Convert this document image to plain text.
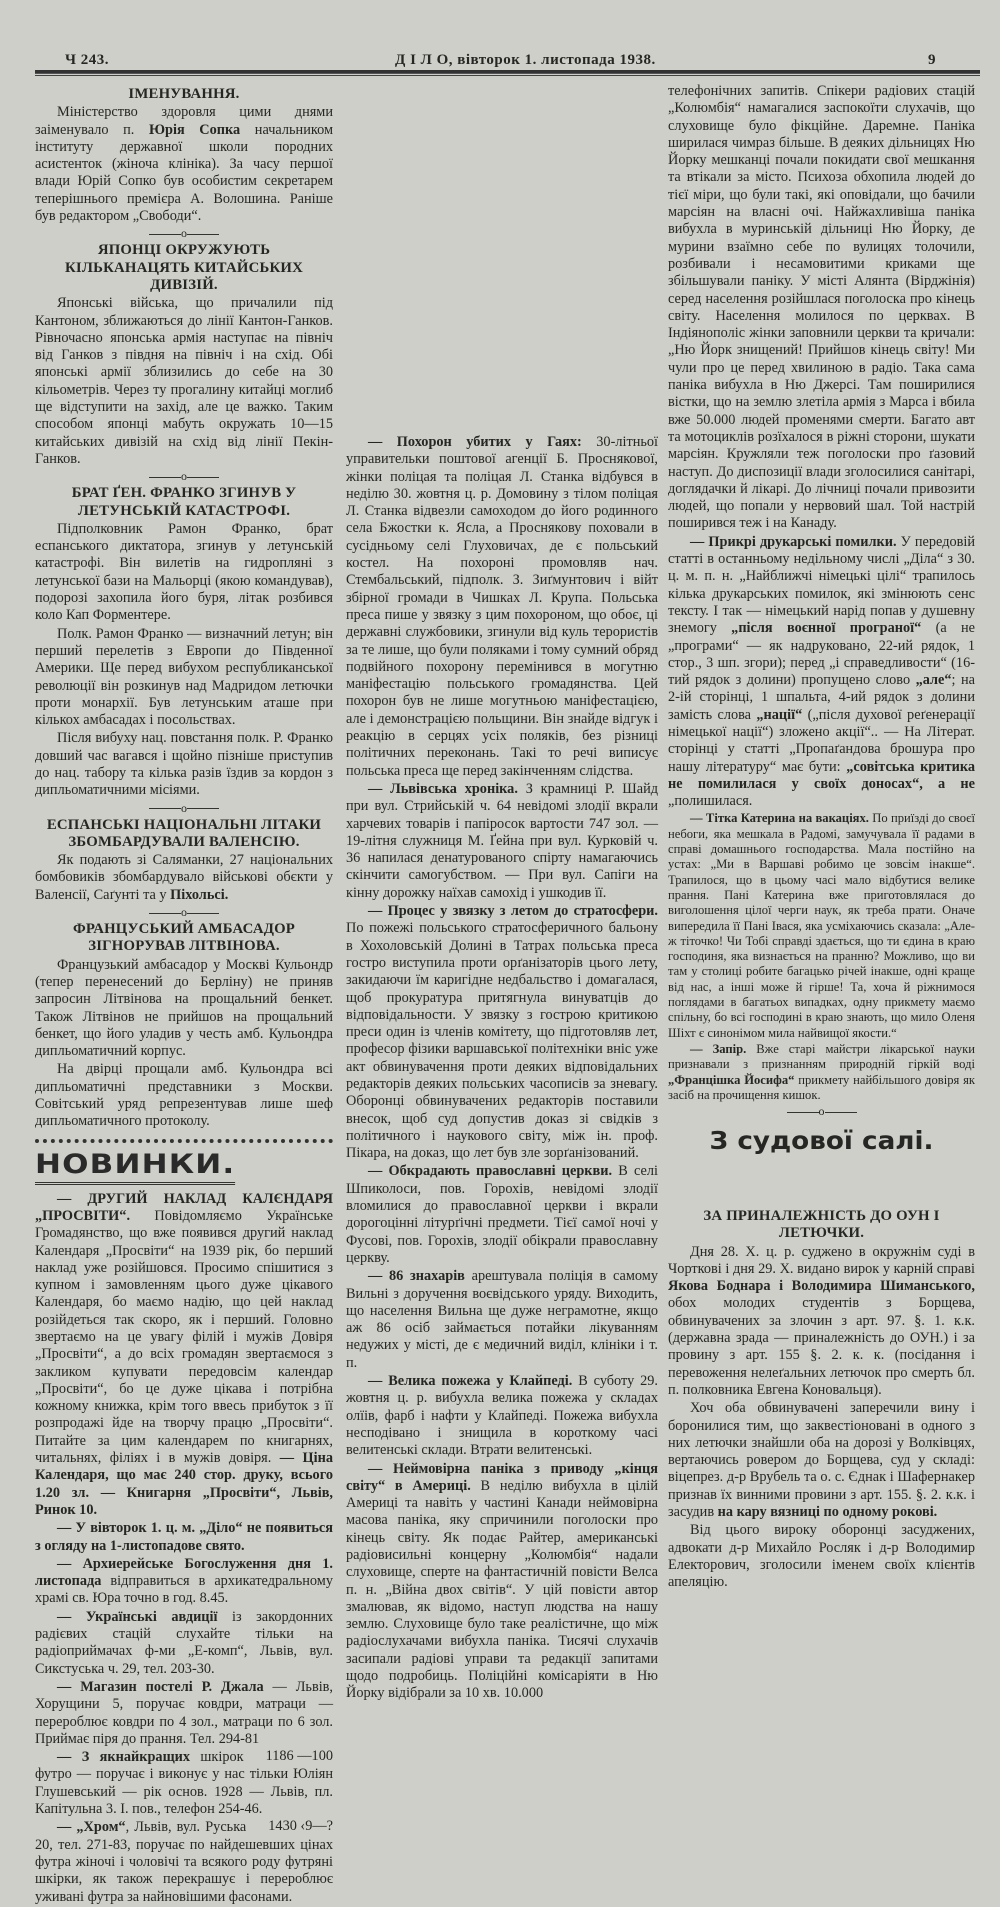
Ч 243.	Д І Л О, вівторок 1. листопада 1938.	9
ІМЕНУВАННЯ.

Міністерство здоровля цими днями заіменувало п. Юрія Сопка начальником інституту державної школи породних асистенток (жіноча клініка). За часу першої влади Юрій Сопко був особистим секретарем теперішнього премієра А. Волошина. Раніше був редактором „Свободи“.

o
ЯПОНЦІ ОКРУЖУЮТЬ КІЛЬКАНАЦЯТЬ КИТАЙСЬКИХ ДИВІЗІЙ.

Японські війська, що причалили під Кантоном, зближаються до лінії Кантон-Ганков. Рівночасно японська армія наступає на північ від Ганков з півдня на північ і на схід. Обі японські армії зблизились до себе на 30 кільометрів. Через ту прогалину китайці моглиб ще відступити на захід, але це важко. Таким способом японці мабуть окружать 10—15 китайських дивізій на схід від лінії Пекін-Ганков.

o
БРАТ ҐЕН. ФРАНКО ЗГИНУВ У ЛЕТУНСЬКІЙ КАТАСТРОФІ.

Підполковник Рамон Франко, брат еспанського диктатора, згинув у летунській катастрофі. Він вилетів на гидропляні з летунської бази на Мальорці (якою командував), подорозі захопила його буря, літак розбився коло Кап Форментере.

Полк. Рамон Франко — визначний летун; він перший перелетів з Европи до Південної Америки. Ще перед вибухом республиканської революції він розкинув над Мадридом летючки проти монархії. Був летунським аташе при кількох амбасадах і посольствах.

Після вибуху нац. повстання полк. Р. Франко довший час вагався і щойно пізніше приступив до нац. табору та кілька разів їздив за кордон з дипльоматичними місіями.

o
ЕСПАНСЬКІ НАЦІОНАЛЬНІ ЛІТАКИ ЗБОМБАРДУВАЛИ ВАЛЕНСІЮ.

Як подають зі Саляманки, 27 національних бомбовиків збомбардувало військові обєкти у Валенсії, Саґунті та у Піхольсі.

o
ФРАНЦУСЬКИЙ АМБАСАДОР ЗІГНОРУВАВ ЛІТВІНОВА.

Французький амбасадор у Москві Кульондр (тепер перенесений до Берліну) не приняв запросин Літвінова на прощальний бенкет. Також Літвінов не прийшов на прощальний бенкет, що його уладив у честь амб. Кульондра дипльоматичний корпус.

На двірці прощали амб. Кульондра всі дипльоматичні представники з Москви. Совітський уряд репрезентував лише шеф дипльоматичного протоколу.

НОВИНКИ.

— ДРУГИЙ НАКЛАД КАЛЄНДАРЯ „ПРОСВІТИ“. Повідомляємо Українське Громадянство, що вже появився другий наклад Календаря „Просвіти“ на 1939 рік, бо перший наклад уже розійшовся. Просимо спішитися з купном і замовленням цього дуже цікавого Календаря, бо маємо надію, що цей наклад розійдеться так скоро, як і перший. Головно звертаємо на це увагу філій і мужів Довіря „Просвіти“, а до всіх громадян звертаємося з закликом купувати передовсім календар „Просвіти“, бо це дуже цікава і потрібна кожному книжка, крім того ввесь прибуток з її розпродажі йде на творчу працю „Просвіти“. Питайте за цим календарем по книгарнях, читальнях, філіях і в мужів довіря. — Ціна Календаря, що має 240 стор. друку, всього 1.20 зл. — Книгарня „Просвіти“, Львів, Ринок 10.

— У вівторок 1. ц. м. „Діло“ не появиться з огляду на 1-листопадове свято.

— Архиерейське Богослуження дня 1. листопада відправиться в архикатедральному храмі св. Юра точно в год. 8.45.

— Українські авдиції із закордонних радієвих стацій слухайте тільки на радіоприймачах ф-ми „Е-комп“, Львів, вул. Сикстуська ч. 29, тел. 203-30.

— Магазин постелі Р. Джала — Львів, Хорущини 5, поручає ковдри, матраци — перероблює ковдри по 4 зол., матраци по 6 зол. Приймає піря до прання. Тел. 294-81
1186 —100

— З якнайкращих шкірок футро — поручає і виконує у нас тільки Юліян Глушевський — рік основ. 1928 — Львів, пл. Капітульна 3. І. пов., телефон 254-46.
1430 ‹9—?

— „Хром“, Львів, вул. Руська 20, тел. 271-83, поручає по найдешевших цінах футра жіночі і чоловічі та всякого роду футряні шкірки, як також перекрашує і перероблює уживані футра за найновішими фасонами.

— Похорон убитих у Гаях: 30-літньої управительки поштової агенції Б. Проснякової, жінки поліцая та поліцая Л. Станка відбувся в неділю 30. жовтня ц. р. Домовину з тілом поліцая Л. Станка відвезли самоходом до його родинного села Бжостки к. Ясла, а Проснякову поховали в сусідньому селі Глуховичах, де є польський костел. На похороні промовляв нач. Стембальський, підполк. З. Зиґмунтович і війт збірної громади в Чишках Л. Крупа. Польська преса пише у звязку з цим похороном, що обоє, ці державні службовики, згинули від куль терористів за те лише, що були поляками і тому сумний обряд подвійного похорону перемінився в могутню маніфестацію польського громадянства. Цей похорон був не лише могутньою маніфестацією, але і демонстрацією польщини. Він знайде відгук і реакцію в серцях усіх поляків, без різниці політичних переконань. Такі то речі виписує польська преса ще перед закінченням слідства.

— Львівська хроніка. З крамниці Р. Шайд при вул. Стрийській ч. 64 невідомі злодії вкрали харчевих товарів і папіросок вартости 747 зол. — 19-літня служниця М. Ґейна при вул. Курковій ч. 36 напилася денатурованого спірту намагаючись скінчити самогубством. — При вул. Сапіги на кінну дорожку наїхав самохід і ушкодив її.

— Процес у звязку з летом до стратосфери. По пожежі польського стратосферичного бальону в Хохоловській Долині в Татрах польська преса гостро виступила проти орґанізаторів цього лету, закидаючи їм каригідне недбальство і домагалася, щоб прокуратура притягнула винуватців до відповідальности. У звязку з гострою критикою преси один із членів комітету, що підготовляв лет, професор фізики варшавської політехніки вніс уже акт обвинувачення проти деяких відповідальних редакторів деяких польських часописів за зневагу. Оборонці обвинувачених редакторів поставили внесок, щоб суд допустив доказ зі свідків з політичного і наукового світу, між ін. проф. Пікара, на доказ, що лет був зле зорґанізований.

— Обкрадають православні церкви. В селі Шпиколоси, пов. Горохів, невідомі злодії вломилися до православної церкви і вкрали дорогоцінні літурґічні предмети. Тієї самої ночі у Фусові, пов. Горохів, злодії обікрали православну церкву.

— 86 знахарів арештувала поліція в самому Вильні з доручення воєвідського уряду. Виходить, що населення Вильна ще дуже неграмотне, якщо аж 86 осіб займається потайки лікуванням недужих у місті, де є медичний виділ, клініки і т. п.

— Велика пожежа у Клайпеді. В суботу 29. жовтня ц. р. вибухла велика пожежа у складах олїів, фарб і нафти у Клайпеді. Пожежа вибухла несподівано і знищила в короткому часі велитенські склади. Втрати велитенські.

— Неймовірна паніка з приводу „кінця світу“ в Америці. В неділю вибухла в цілій Америці та навіть у частині Канади неймовірна масова паніка, яку спричинили поголоски про кінець світу. Як подає Райтер, американські радіовисильні концерну „Колюмбія“ надали слуховище, сперте на фантастичній повісти Велса п. н. „Війна двох світів“. У цій повісти автор змалював, як відомо, наступ людства на нашу землю. Слуховище було таке реалістичне, що між радіослухачами вибухла паніка. Тисячі слухачів засипали радіові управи та редакції запитами щодо подробиць. Поліційні комісаріяти в Ню Йорку відібрали за 10 хв. 10.000

телефонічних запитів. Спікери радіових стацій „Колюмбія“ намагалися заспокоїти слухачів, що слуховище було фікційне. Даремне. Паніка ширилася чимраз більше. В деяких дільницях Ню Йорку мешканці почали покидати свої мешкання та втікали за місто. Психоза обхопила людей до тієї міри, що були такі, які оповідали, що бачили марсіян на власні очі. Найжахливіша паніка вибухла в муринській дільниці Ню Йорку, де мурини взаїмно себе по вулицях толочили, розбивали і несамовитими криками ще збільшували паніку. У місті Алянта (Вірджінія) серед населення розійшлася поголоска про кінець світу. Населення молилося по церквах. В Індіянополіс жінки заповнили церкви та кричали: „Ню Йорк знищений! Прийшов кінець світу! Ми чули про це перед хвилиною в радіо. Така сама паніка вибухла в Ню Джерсі. Там поширилися вістки, що на землю злетіла армія з Марса і вбила вже 50.000 людей променями смерти. Багато авт та мотоциклів розїхалося в ріжні сторони, шукати марсіян. Кружляли теж поголоски про ґазовий наступ. До диспозиції влади зголосилися санітарі, доглядачки й лікарі. До лічниці почали привозити людей, що попали у нервовий шал. Той настрій поширився теж і на Канаду.

— Прикрі друкарські помилки. У передовій статті в останньому недільному числі „Діла“ з 30. ц. м. п. н. „Найближчі німецькі цілі“ трапилось кілька друкарських помилок, які змінюють сенс тексту. І так — німецький нарід попав у душевну знемогу „після воєнної програної“ (а не „програми“ — як надруковано, 22-ий рядок, 1 стор., 3 шп. згори); перед „і справедливости“ (16-тий рядок з долини) пропущено слово „але“; на 2-ій сторінці, 1 шпальта, 4-ий рядок з долини замість слова „нації“ („після духової реґенерації німецької нації“) зложено акції“.. — На Літерат. сторінці у статті „Пропаґандова брошура про нашу літературу“ має бути: „совітська критика не помилилася у своїх доносах“, а не „полишилася.

— Тітка Катерина на вакаціях. По приїзді до своєї небоги, яка мешкала в Радомі, замучувала її радами в справі домашнього господарства. Мала постійно на устах: „Ми в Варшаві робимо це зовсім інакше“. Трапилося, що в цьому часі мало відбутися велике прання. Пані Катерина вже приготовлялася до виголошення цілої черги наук, як треба прати. Оначе випередила її Пані Івася, яка усміхаючись сказала: „Але-ж тіточко! Чи Тобі справді здається, що ти єдина в краю господиня, яка визнається на пранню? Можливо, що ви там у столиці робите багацько річей інакше, одні краще від нас, а інші може й гірше! Та, хоча й ріжнимося поглядами в багатьох випадках, одну прикмету маємо спільну, бо всі господині в краю знають, що мило Оленя Шіхт є синонімом мила найвищої якости.“

— Запір. Вже старі майстри лікарської науки признавали з признанням природній гіркій воді „Францішка Йосифа“ прикмету найбільшого довіря як засіб на прочищення кишок.

o
З судової салі.
ЗА ПРИНАЛЕЖНІСТЬ ДО ОУН І ЛЕТЮЧКИ.

Дня 28. Х. ц. р. суджено в окружнім суді в Чорткові і дня 29. Х. видано вирок у карній справі Якова Боднара і Володимира Шиманського, обох молодих студентів з Борщева, обвинувачених за злочин з арт. 97. §. 1. к.к. (державна зрада — приналежність до ОУН.) і за провину з арт. 155 §. 2. к. к. (посідання і перевоження нелеґальних летючок про смерть бл. п. полковника Евгена Коновальця).

Хоч оба обвинувачені заперечили вину і боронилися тим, що заквестіоновані в одного з них летючки знайшли оба на дорозі у Волківцях, вертаючись ровером до Борщева, суд у складі: віцепрез. д-р Врубель та о. с. Єднак і Шафернакер признав їх винними провини з арт. 155. §. 2. к.к. і засудив на кару вязниці по одному рокові.

Від цього вироку оборонці засуджених, адвокати д-р Михайло Росляк і д-р Володимир Електорович, зголосили іменем своїх клієнтів апеляцію.
